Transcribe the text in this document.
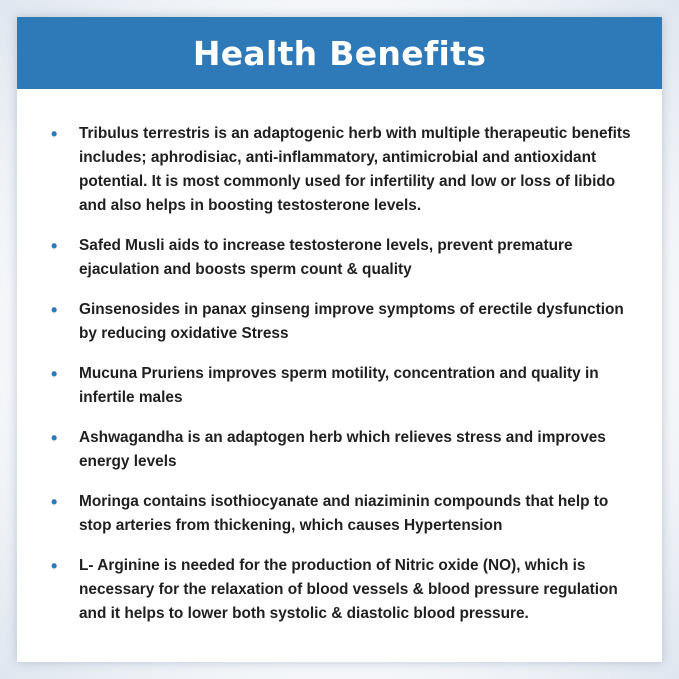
Health Benefits
• Tribulus terrestris is an adaptogenic herb with multiple therapeutic benefits includes; aphrodisiac, anti-inflammatory, antimicrobial and antioxidant potential. It is most commonly used for infertility and low or loss of libido and also helps in boosting testosterone levels.
• Safed Musli aids to increase testosterone levels, prevent premature ejaculation and boosts sperm count & quality
• Ginsenosides in panax ginseng improve symptoms of erectile dysfunction by reducing oxidative Stress
• Mucuna Pruriens improves sperm motility, concentration and quality in infertile males
• Ashwagandha is an adaptogen herb which relieves stress and improves energy levels
• Moringa contains isothiocyanate and niaziminin compounds that help to stop arteries from thickening, which causes Hypertension
• L- Arginine is needed for the production of Nitric oxide (NO), which is necessary for the relaxation of blood vessels & blood pressure regulation and it helps to lower both systolic & diastolic blood pressure.
